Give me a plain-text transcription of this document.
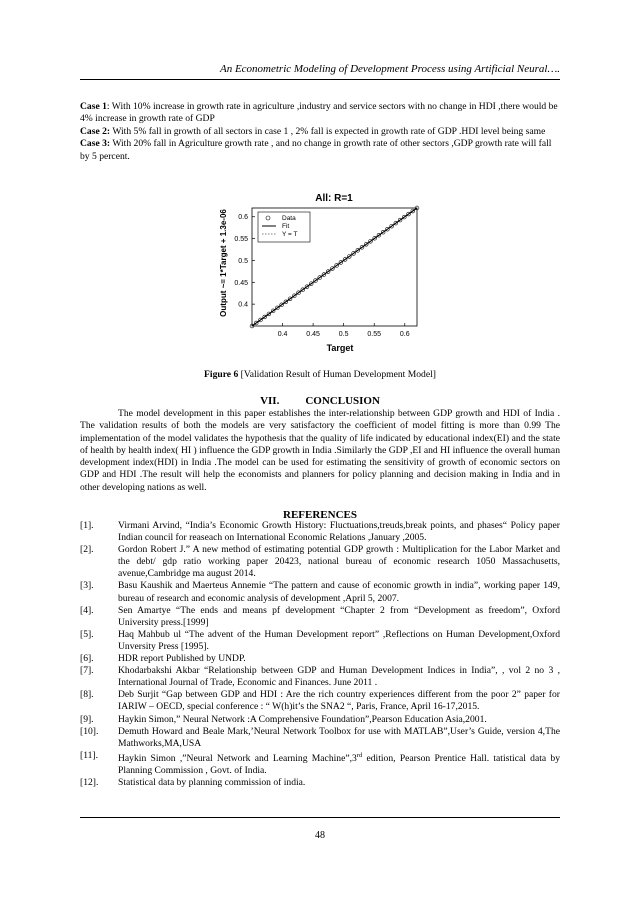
An Econometric Modeling of Development Process using Artificial Neural….

Case 1: With 10% increase in growth rate in agriculture ,industry and service sectors with no change in HDI ,there would be 4% increase in growth rate of GDP

Case 2: With 5% fall in growth of all sectors in case 1 , 2% fall is expected in growth rate of GDP .HDI level being same

Case 3: With 20% fall in Agriculture growth rate , and no change in growth rate of other sectors ,GDP growth rate will fall by 5 percent.

All: R=1
0.4	0.45	0.5	0.55	0.6
0.4
0.45
0.5
0.55
0.6	Data
Fit
Y = T
Target
Output ~= 1*Target + 1.3e-06
Figure 6 [Validation Result of Human Development Model]
VII. CONCLUSION

The model development in this paper establishes the inter-relationship between GDP growth and HDI of India . The validation results of both the models are very satisfactory the coefficient of model fitting is more than 0.99 The implementation of the model validates the hypothesis that the quality of life indicated by educational index(EI) and the state of health by health index( HI ) influence the GDP growth in India .Similarly the GDP ,EI and HI influence the overall human development index(HDI) in India .The model can be used for estimating the sensitivity of growth of economic sectors on GDP and HDI .The result will help the economists and planners for policy planning and decision making in India and in other developing nations as well.

REFERENCES
[1].	Virmani Arvind, “India’s Economic Growth History: Fluctuations,treuds,break points, and phases“ Policy paper Indian council for reaseach on International Economic Relations ,January ,2005.
[2].	Gordon Robert J.” A new method of estimating potential GDP growth : Multiplication for the Labor Market and the debt/ gdp ratio working paper 20423, national bureau of economic research 1050 Massachusetts, avenue,Cambridge ma august 2014.
[3].	Basu Kaushik and Maerteus Annemie “The pattern and cause of economic growth in india”, working paper 149, bureau of research and economic analysis of development ,April 5, 2007.
[4].	Sen Amartye “The ends and means pf development “Chapter 2 from “Development as freedom”, Oxford University press.[1999]
[5].	Haq Mahbub ul “The advent of the Human Development report” ,Reflections on Human Development,Oxford Unversity Press [1995].
[6].	HDR report Published by UNDP.
[7].	Khodarbakshi Akbar “Relationship between GDP and Human Development Indices in India”, , vol 2 no 3 , International Journal of Trade, Economic and Finances. June 2011 .
[8].	Deb Surjit “Gap between GDP and HDI : Are the rich country experiences different from the poor 2” paper for IARIW – OECD, special conference : “ W(h)it’s the SNA2 “, Paris, France, April 16-17,2015.
[9].	Haykin Simon,” Neural Network :A Comprehensive Foundation”,Pearson Education Asia,2001.
[10].	Demuth Howard and Beale Mark,’Neural Network Toolbox for use with MATLAB”,User’s Guide, version 4,The Mathworks,MA,USA
[11].	Haykin Simon ,”Neural Network and Learning Machine”,3rd edition, Pearson Prentice Hall. tatistical data by Planning Commission , Govt. of India.
[12].	Statistical data by planning commission of india.
48
